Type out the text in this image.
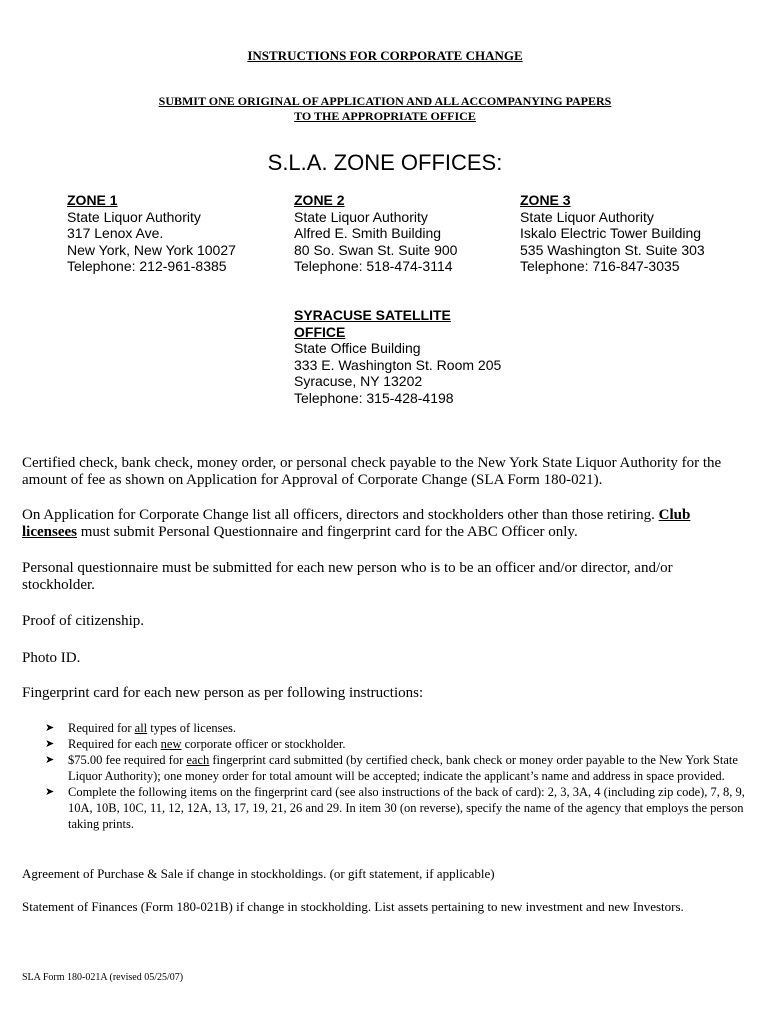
INSTRUCTIONS FOR CORPORATE CHANGE
SUBMIT ONE ORIGINAL OF APPLICATION AND ALL ACCOMPANYING PAPERS
TO THE APPROPRIATE OFFICE
S.L.A. ZONE OFFICES:
ZONE 1
State Liquor Authority
317 Lenox Ave.
New York, New York 10027
Telephone: 212-961-8385
ZONE 2
State Liquor Authority
Alfred E. Smith Building
80 So. Swan St. Suite 900
Telephone: 518-474-3114
ZONE 3
State Liquor Authority
Iskalo Electric Tower Building
535 Washington St. Suite 303
Telephone: 716-847-3035
SYRACUSE SATELLITE
OFFICE
State Office Building
333 E. Washington St. Room 205
Syracuse, NY 13202
Telephone: 315-428-4198
Certified check, bank check, money order, or personal check payable to the New York State Liquor Authority for the amount of fee as shown on Application for Approval of Corporate Change (SLA Form 180-021).
On Application for Corporate Change list all officers, directors and stockholders other than those retiring. Club licensees must submit Personal Questionnaire and fingerprint card for the ABC Officer only.
Personal questionnaire must be submitted for each new person who is to be an officer and/or director, and/or stockholder.
Proof of citizenship.
Photo ID.
Fingerprint card for each new person as per following instructions:
➤ Required for all types of licenses.
➤ Required for each new corporate officer or stockholder.
➤ $75.00 fee required for each fingerprint card submitted (by certified check, bank check or money order payable to the New York State Liquor Authority); one money order for total amount will be accepted; indicate the applicant’s name and address in space provided.
➤ Complete the following items on the fingerprint card (see also instructions of the back of card): 2, 3, 3A, 4 (including zip code), 7, 8, 9, 10A, 10B, 10C, 11, 12, 12A, 13, 17, 19, 21, 26 and 29. In item 30 (on reverse), specify the name of the agency that employs the person taking prints.
Agreement of Purchase & Sale if change in stockholdings. (or gift statement, if applicable)
Statement of Finances (Form 180-021B) if change in stockholding. List assets pertaining to new investment and new Investors.
SLA Form 180-021A (revised 05/25/07)
